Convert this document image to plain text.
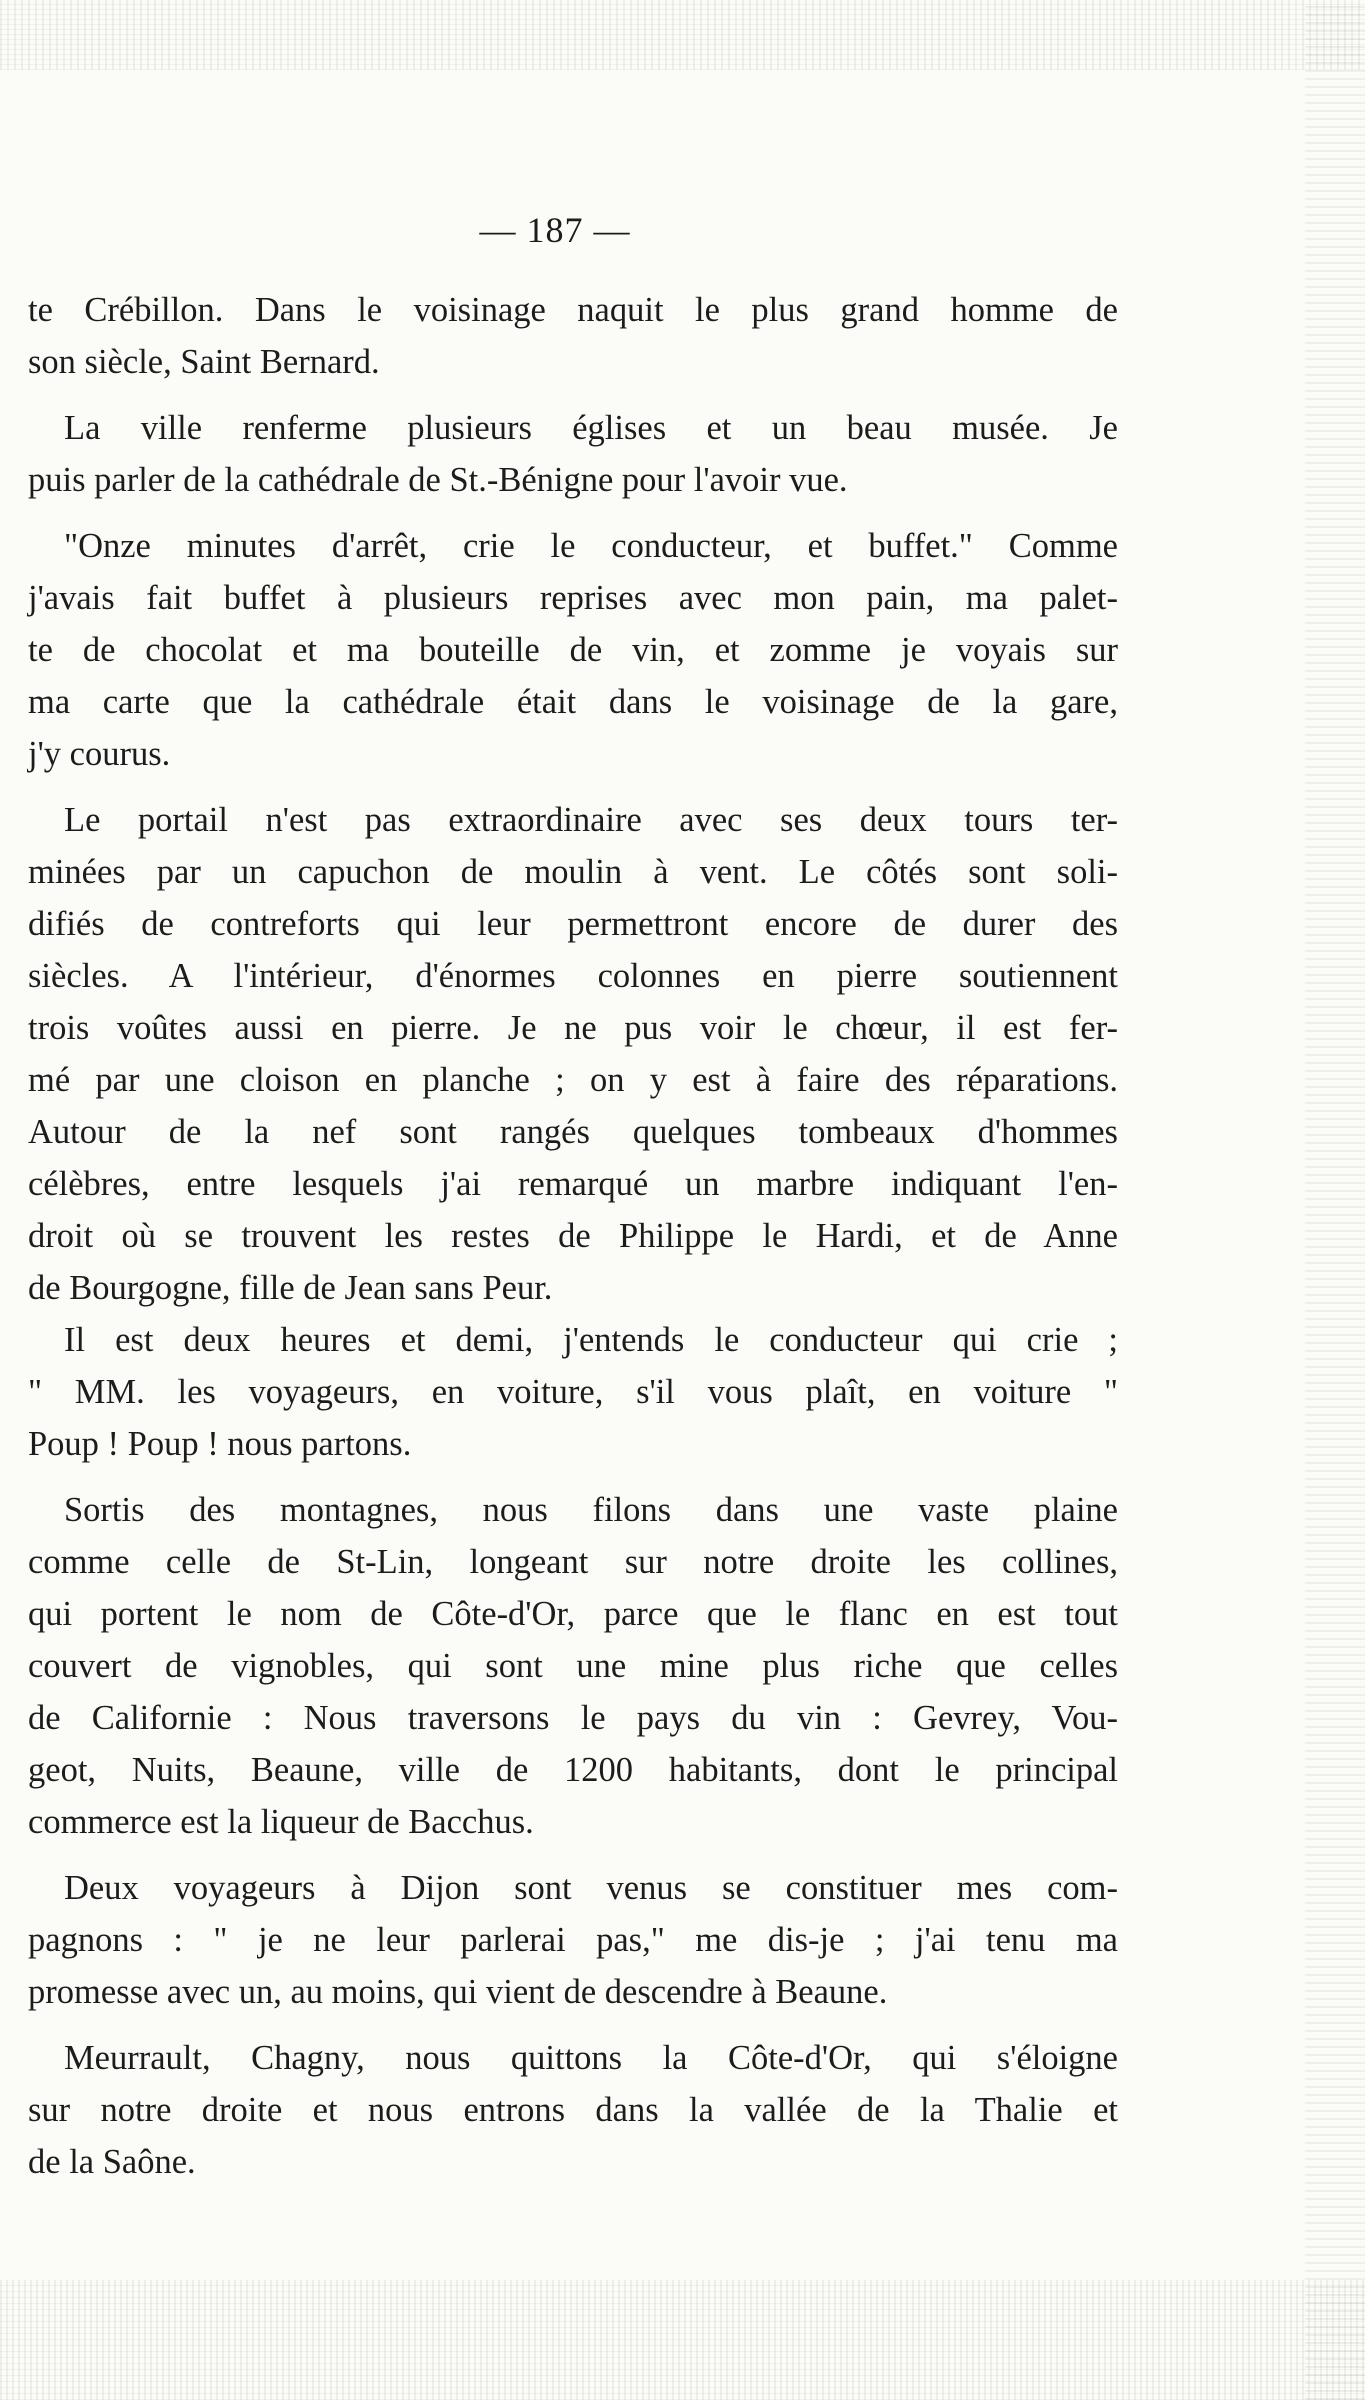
— 187 —
te Crébillon. Dans le voisinage naquit le plus grand homme de
son siècle, Saint Bernard.
La ville renferme plusieurs églises et un beau musée. Je
puis parler de la cathédrale de St.-Bénigne pour l'avoir vue.
"Onze minutes d'arrêt, crie le conducteur, et buffet." Comme
j'avais fait buffet à plusieurs reprises avec mon pain, ma palet-
te de chocolat et ma bouteille de vin, et zomme je voyais sur
ma carte que la cathédrale était dans le voisinage de la gare,
j'y courus.
Le portail n'est pas extraordinaire avec ses deux tours ter-
minées par un capuchon de moulin à vent. Le côtés sont soli-
difiés de contreforts qui leur permettront encore de durer des
siècles. A l'intérieur, d'énormes colonnes en pierre soutiennent
trois voûtes aussi en pierre. Je ne pus voir le chœur, il est fer-
mé par une cloison en planche ; on y est à faire des réparations.
Autour de la nef sont rangés quelques tombeaux d'hommes
célèbres, entre lesquels j'ai remarqué un marbre indiquant l'en-
droit où se trouvent les restes de Philippe le Hardi, et de Anne
de Bourgogne, fille de Jean sans Peur.
Il est deux heures et demi, j'entends le conducteur qui crie ;
" MM. les voyageurs, en voiture, s'il vous plaît, en voiture "
Poup ! Poup ! nous partons.
Sortis des montagnes, nous filons dans une vaste plaine
comme celle de St-Lin, longeant sur notre droite les collines,
qui portent le nom de Côte-d'Or, parce que le flanc en est tout
couvert de vignobles, qui sont une mine plus riche que celles
de Californie : Nous traversons le pays du vin : Gevrey, Vou-
geot, Nuits, Beaune, ville de 1200 habitants, dont le principal
commerce est la liqueur de Bacchus.
Deux voyageurs à Dijon sont venus se constituer mes com-
pagnons : " je ne leur parlerai pas," me dis-je ; j'ai tenu ma
promesse avec un, au moins, qui vient de descendre à Beaune.
Meurrault, Chagny, nous quittons la Côte-d'Or, qui s'éloigne
sur notre droite et nous entrons dans la vallée de la Thalie et
de la Saône.
